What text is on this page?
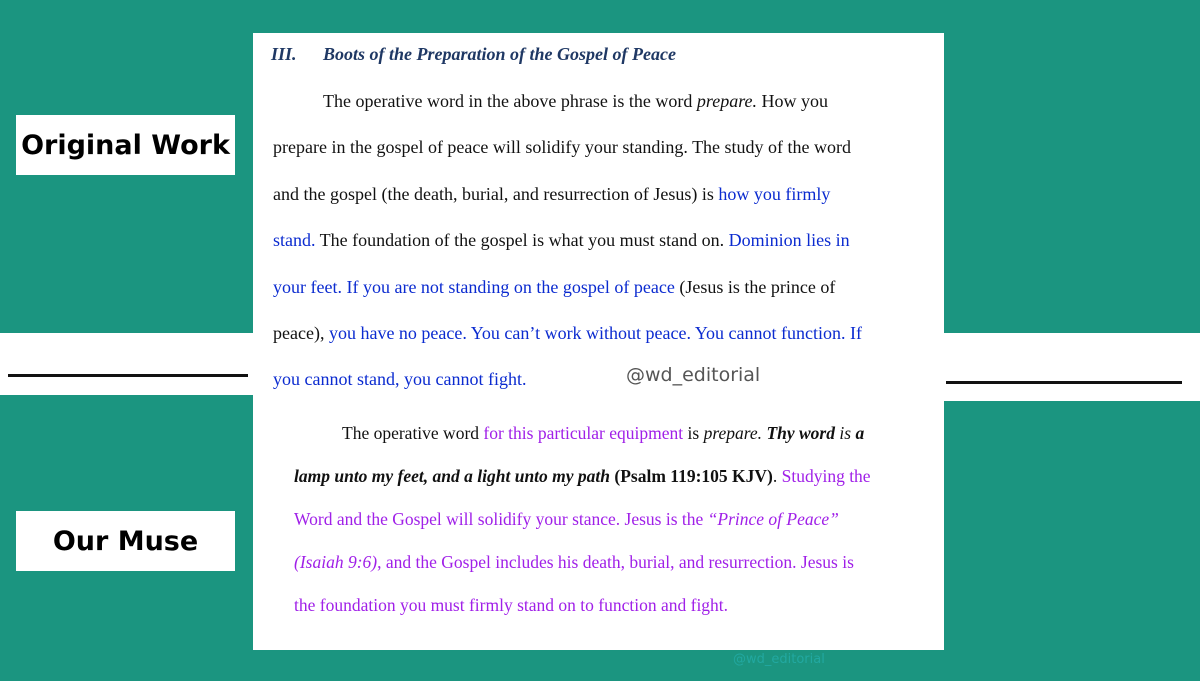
Original Work
Our Muse
III. Boots of the Preparation of the Gospel of Peace
The operative word in the above phrase is the word prepare. How you
prepare in the gospel of peace will solidify your standing. The study of the word
and the gospel (the death, burial, and resurrection of Jesus) is how you firmly
stand. The foundation of the gospel is what you must stand on. Dominion lies in
your feet. If you are not standing on the gospel of peace (Jesus is the prince of
peace), you have no peace. You can’t work without peace. You cannot function. If
you cannot stand, you cannot fight.	@wd_editorial
The operative word for this particular equipment is prepare. Thy word is a
lamp unto my feet, and a light unto my path (Psalm 119:105 KJV). Studying the
Word and the Gospel will solidify your stance. Jesus is the “Prince of Peace”
(Isaiah 9:6), and the Gospel includes his death, burial, and resurrection. Jesus is
the foundation you must firmly stand on to function and fight.
@wd_editorial
